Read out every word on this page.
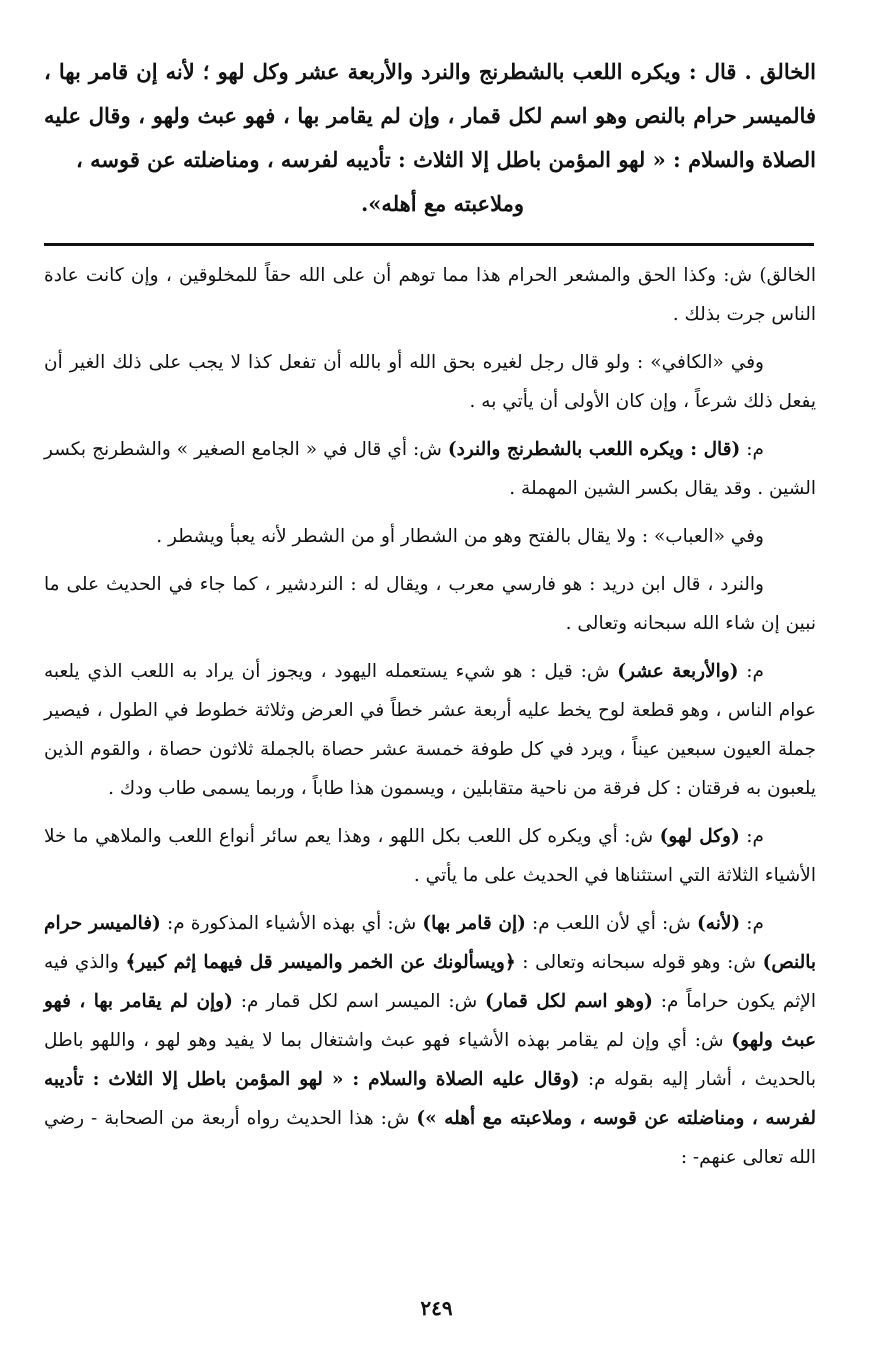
الخالق . قال : ويكره اللعب بالشطرنج والنرد والأربعة عشر وكل لهو ؛ لأنه إن قامر بها ، فالميسر حرام بالنص وهو اسم لكل قمار ، وإن لم يقامر بها ، فهو عبث ولهو ، وقال عليه الصلاة والسلام : « لهو المؤمن باطل إلا الثلاث : تأديبه لفرسه ، ومناضلته عن قوسه ،
وملاعبته مع أهله».

الخالق) ش: وكذا الحق والمشعر الحرام هذا مما توهم أن على الله حقاً للمخلوقين ، وإن كانت عادة الناس جرت بذلك .

وفي «الكافي» : ولو قال رجل لغيره بحق الله أو بالله أن تفعل كذا لا يجب على ذلك الغير أن يفعل ذلك شرعاً ، وإن كان الأولى أن يأتي به .

م: (قال : ويكره اللعب بالشطرنج والنرد) ش: أي قال في « الجامع الصغير » والشطرنج بكسر الشين . وقد يقال بكسر الشين المهملة .

وفي «العباب» : ولا يقال بالفتح وهو من الشطار أو من الشطر لأنه يعبأ ويشطر .

والنرد ، قال ابن دريد : هو فارسي معرب ، ويقال له : النردشير ، كما جاء في الحديث على ما نبين إن شاء الله سبحانه وتعالى .

م: (والأربعة عشر) ش: قيل : هو شيء يستعمله اليهود ، ويجوز أن يراد به اللعب الذي يلعبه عوام الناس ، وهو قطعة لوح يخط عليه أربعة عشر خطاً في العرض وثلاثة خطوط في الطول ، فيصير جملة العيون سبعين عيناً ، ويرد في كل طوفة خمسة عشر حصاة بالجملة ثلاثون حصاة ، والقوم الذين يلعبون به فرقتان : كل فرقة من ناحية متقابلين ، ويسمون هذا طاباً ، وربما يسمى طاب ودك .

م: (وكل لهو) ش: أي ويكره كل اللعب بكل اللهو ، وهذا يعم سائر أنواع اللعب والملاهي ما خلا الأشياء الثلاثة التي استثناها في الحديث على ما يأتي .

م: (لأنه) ش: أي لأن اللعب م: (إن قامر بها) ش: أي بهذه الأشياء المذكورة م: (فالميسر حرام بالنص) ش: وهو قوله سبحانه وتعالى : ﴿ويسألونك عن الخمر والميسر قل فيهما إثم كبير﴾ والذي فيه الإثم يكون حراماً م: (وهو اسم لكل قمار) ش: الميسر اسم لكل قمار م: (وإن لم يقامر بها ، فهو عبث ولهو) ش: أي وإن لم يقامر بهذه الأشياء فهو عبث واشتغال بما لا يفيد وهو لهو ، واللهو باطل بالحديث ، أشار إليه بقوله م: (وقال عليه الصلاة والسلام : « لهو المؤمن باطل إلا الثلاث : تأديبه لفرسه ، ومناضلته عن قوسه ، وملاعبته مع أهله ») ش: هذا الحديث رواه أربعة من الصحابة - رضي الله تعالى عنهم- :

٢٤٩
